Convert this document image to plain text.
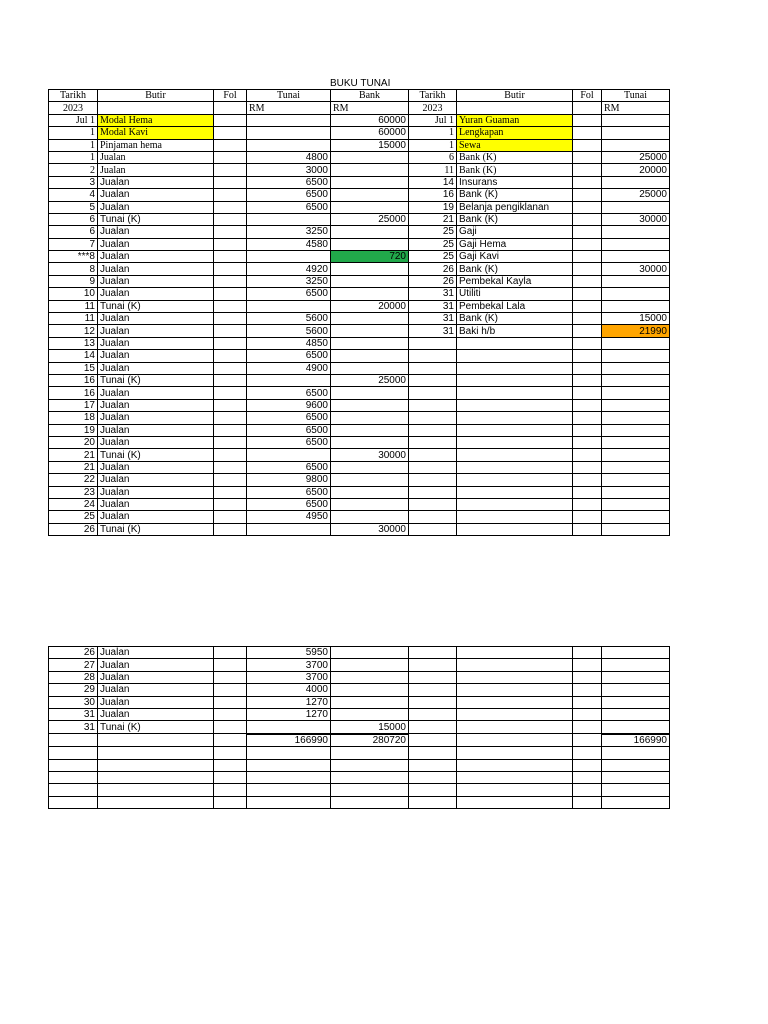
BUKU TUNAI
Tarikh	Butir	Fol	Tunai	Bank	Tarikh	Butir	Fol	Tunai
2023			RM	RM	2023			RM
Jul 1	Modal Hema			60000	Jul 1	Yuran Guaman		
1	Modal Kavi			60000	1	Lengkapan		
1	Pinjaman hema			15000	1	Sewa		
1	Jualan		4800		6	Bank (K)		25000
2	Jualan		3000		11	Bank (K)		20000
3	Jualan		6500		14	Insurans		
4	Jualan		6500		16	Bank (K)		25000
5	Jualan		6500		19	Belanja pengiklanan		
6	Tunai (K)			25000	21	Bank (K)		30000
6	Jualan		3250		25	Gaji		
7	Jualan		4580		25	Gaji Hema		
***8	Jualan			720	25	Gaji Kavi		
8	Jualan		4920		26	Bank (K)		30000
9	Jualan		3250		26	Pembekal Kayla		
10	Jualan		6500		31	Utiliti		
11	Tunai (K)			20000	31	Pembekal Lala		
11	Jualan		5600		31	Bank (K)		15000
12	Jualan		5600		31	Baki h/b		21990
13	Jualan		4850					
14	Jualan		6500					
15	Jualan		4900					
16	Tunai (K)			25000				
16	Jualan		6500					
17	Jualan		9600					
18	Jualan		6500					
19	Jualan		6500					
20	Jualan		6500					
21	Tunai (K)			30000				
21	Jualan		6500					
22	Jualan		9800					
23	Jualan		6500					
24	Jualan		6500					
25	Jualan		4950					
26	Tunai (K)			30000				
26	Jualan		5950					
27	Jualan		3700					
28	Jualan		3700					
29	Jualan		4000					
30	Jualan		1270					
31	Jualan		1270					
31	Tunai (K)			15000				
			166990	280720				166990
